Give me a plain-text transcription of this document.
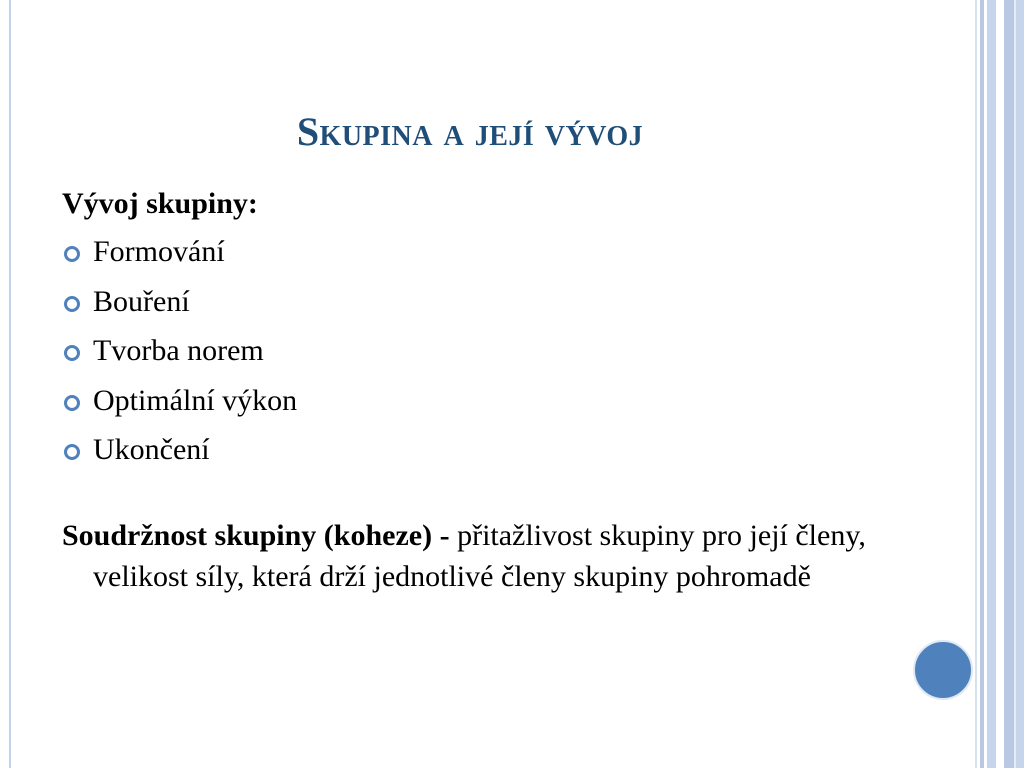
Skupina a její vývoj
Vývoj skupiny:
Formování
Bouření
Tvorba norem
Optimální výkon
Ukončení
Soudržnost skupiny (koheze) - přitažlivost skupiny pro její členy, velikost síly, která drží jednotlivé členy skupiny pohromadě
